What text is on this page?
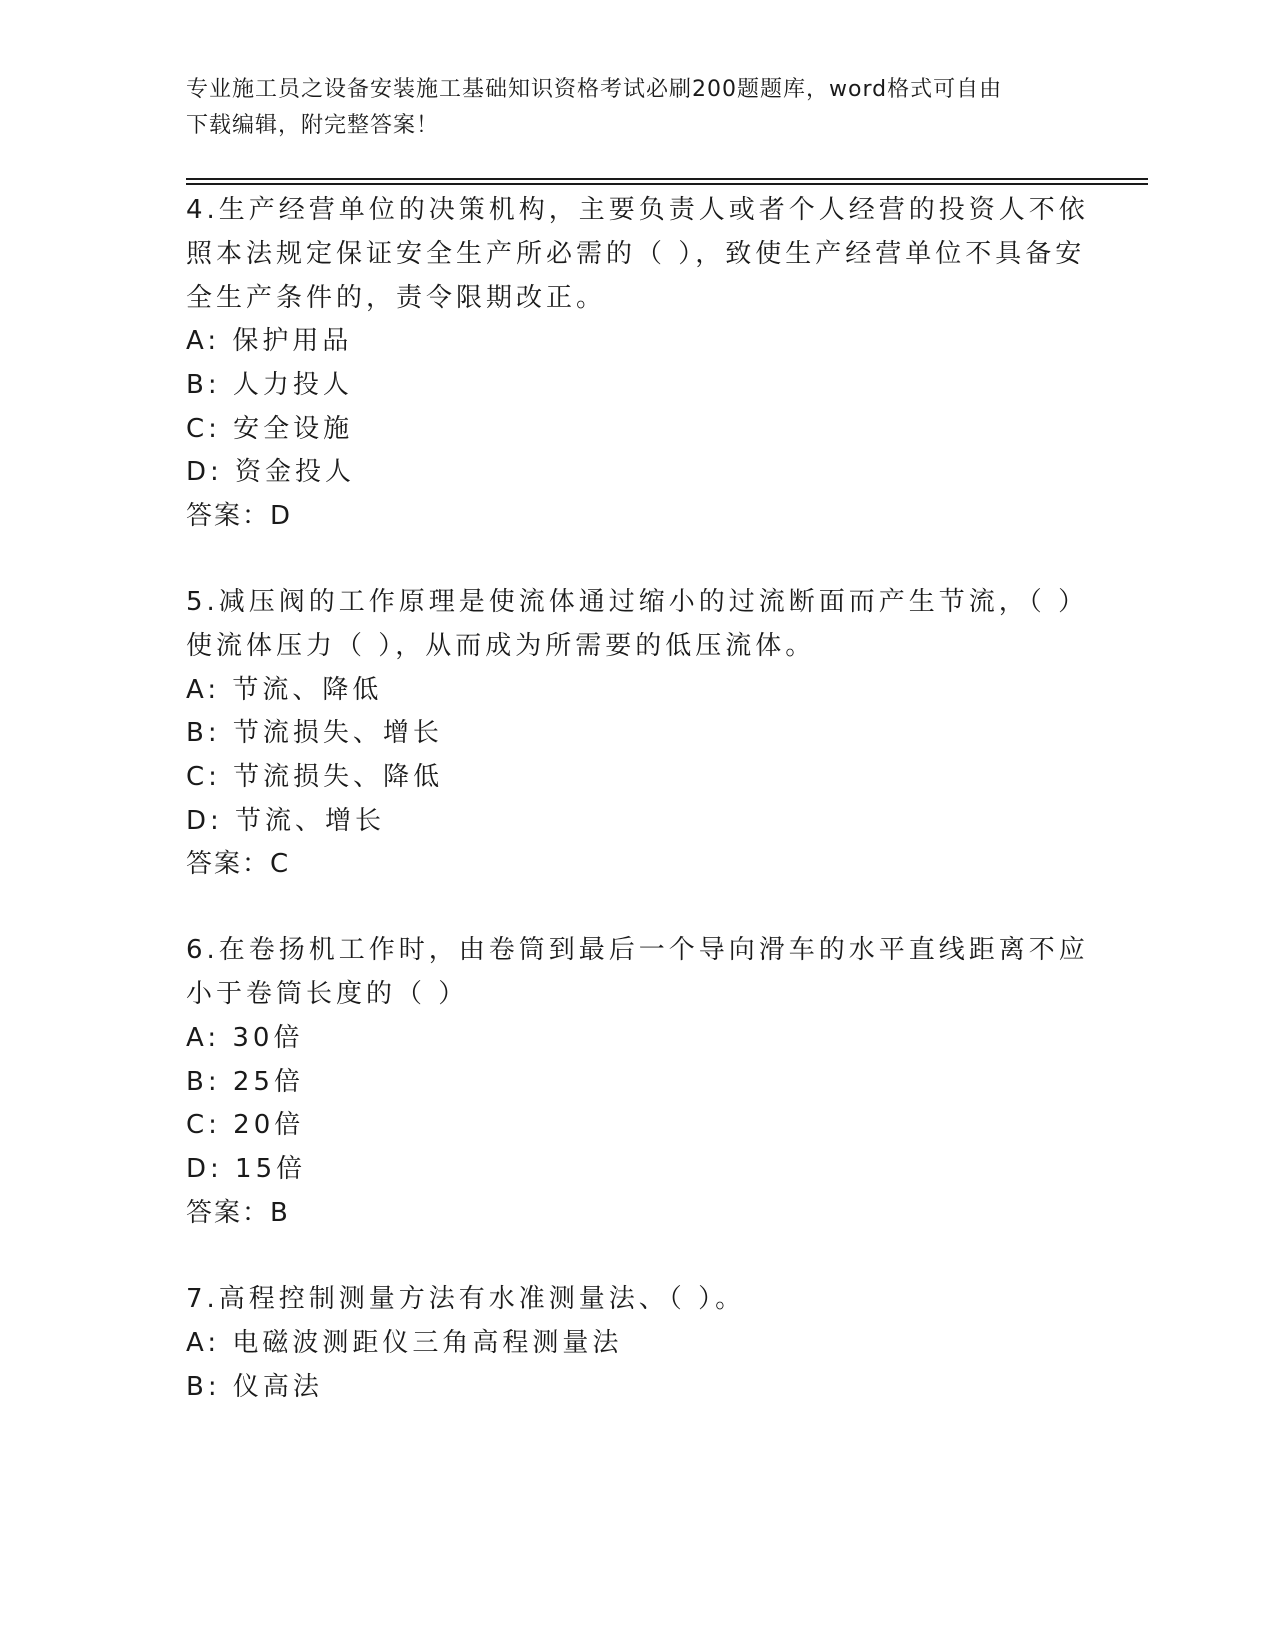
专业施工员之设备安装施工基础知识资格考试必刷200题题库，word格式可自由
下载编辑，附完整答案！
4.生产经营单位的决策机构，主要负责人或者个人经营的投资人不依
照本法规定保证安全生产所必需的（ ），致使生产经营单位不具备安
全生产条件的，责令限期改正。
A: 保护用品
B: 人力投人
C: 安全设施
D: 资金投人
答案：D
5.减压阀的工作原理是使流体通过缩小的过流断面而产生节流，（ ）
使流体压力（ ），从而成为所需要的低压流体。
A: 节流、降低
B: 节流损失、增长
C: 节流损失、降低
D: 节流、增长
答案：C
6.在卷扬机工作时，由卷筒到最后一个导向滑车的水平直线距离不应
小于卷筒长度的（ ）
A: 30倍
B: 25倍
C: 20倍
D: 15倍
答案：B
7.高程控制测量方法有水准测量法、（ ）。
A: 电磁波测距仪三角高程测量法
B: 仪高法
